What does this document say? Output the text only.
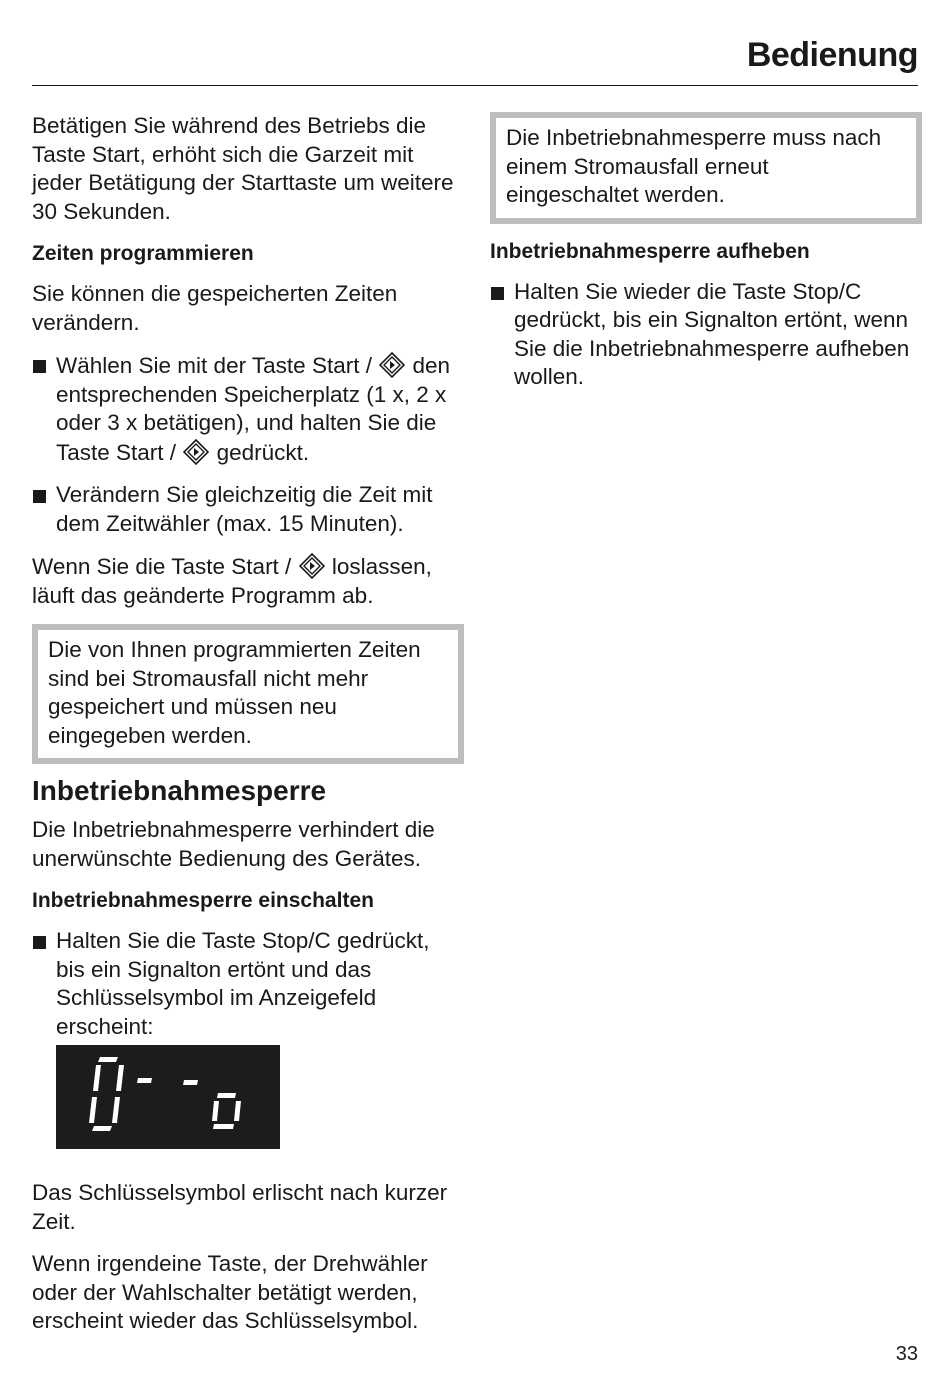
Bedienung

Betätigen Sie während des Betriebs die Taste Start, erhöht sich die Garzeit mit jeder Betätigung der Starttaste um weitere 30 Sekunden.

Zeiten programmieren

Sie können die gespeicherten Zeiten verändern.

Wählen Sie mit der Taste Start /  den entsprechenden Speicherplatz (1 x, 2 x oder 3 x betätigen), und halten Sie die Taste Start /  gedrückt.
Verändern Sie gleichzeitig die Zeit mit dem Zeitwähler (max. 15 Minuten).

Wenn Sie die Taste Start /  loslassen, läuft das geänderte Programm ab.

Die von Ihnen programmierten Zeiten sind bei Stromausfall nicht mehr gespeichert und müssen neu eingegeben werden.

Inbetriebnahmesperre

Die Inbetriebnahmesperre verhindert die unerwünschte Bedienung des Gerätes.

Inbetriebnahmesperre einschalten
Halten Sie die Taste Stop/C gedrückt, bis ein Signalton ertönt und das Schlüsselsymbol im Anzeigefeld erscheint:

Das Schlüsselsymbol erlischt nach kurzer Zeit.

Wenn irgendeine Taste, der Drehwähler oder der Wahlschalter betätigt werden, erscheint wieder das Schlüsselsymbol.

Die Inbetriebnahmesperre muss nach einem Stromausfall erneut eingeschaltet werden.

Inbetriebnahmesperre aufheben
Halten Sie wieder die Taste Stop/C gedrückt, bis ein Signalton ertönt, wenn Sie die Inbetriebnahmesperre aufheben wollen.
33
